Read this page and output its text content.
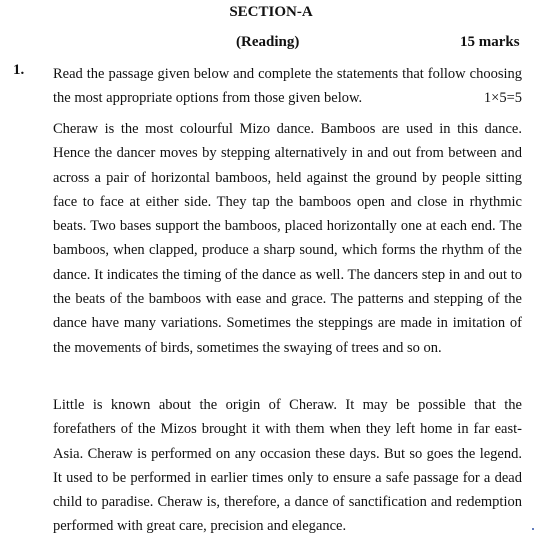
SECTION-A
(Reading)	15 marks
1. Read the passage given below and complete the statements that follow choosing the most appropriate options from those given below.	1×5=5
Cheraw is the most colourful Mizo dance. Bamboos are used in this dance. Hence the dancer moves by stepping alternatively in and out from between and across a pair of horizontal bamboos, held against the ground by people sitting face to face at either side. They tap the bamboos open and close in rhythmic beats. Two bases support the bamboos, placed horizontally one at each end. The bamboos, when clapped, produce a sharp sound, which forms the rhythm of the dance. It indicates the timing of the dance as well. The dancers step in and out to the beats of the bamboos with ease and grace. The patterns and stepping of the dance have many variations. Sometimes the steppings are made in imitation of the movements of birds, sometimes the swaying of trees and so on.
Little is known about the origin of Cheraw. It may be possible that the forefathers of the Mizos brought it with them when they left home in far east-Asia. Cheraw is performed on any occasion these days. But so goes the legend. It used to be performed in earlier times only to ensure a safe passage for a dead child to paradise. Cheraw is, therefore, a dance of sanctification and redemption performed with great care, precision and elegance.
